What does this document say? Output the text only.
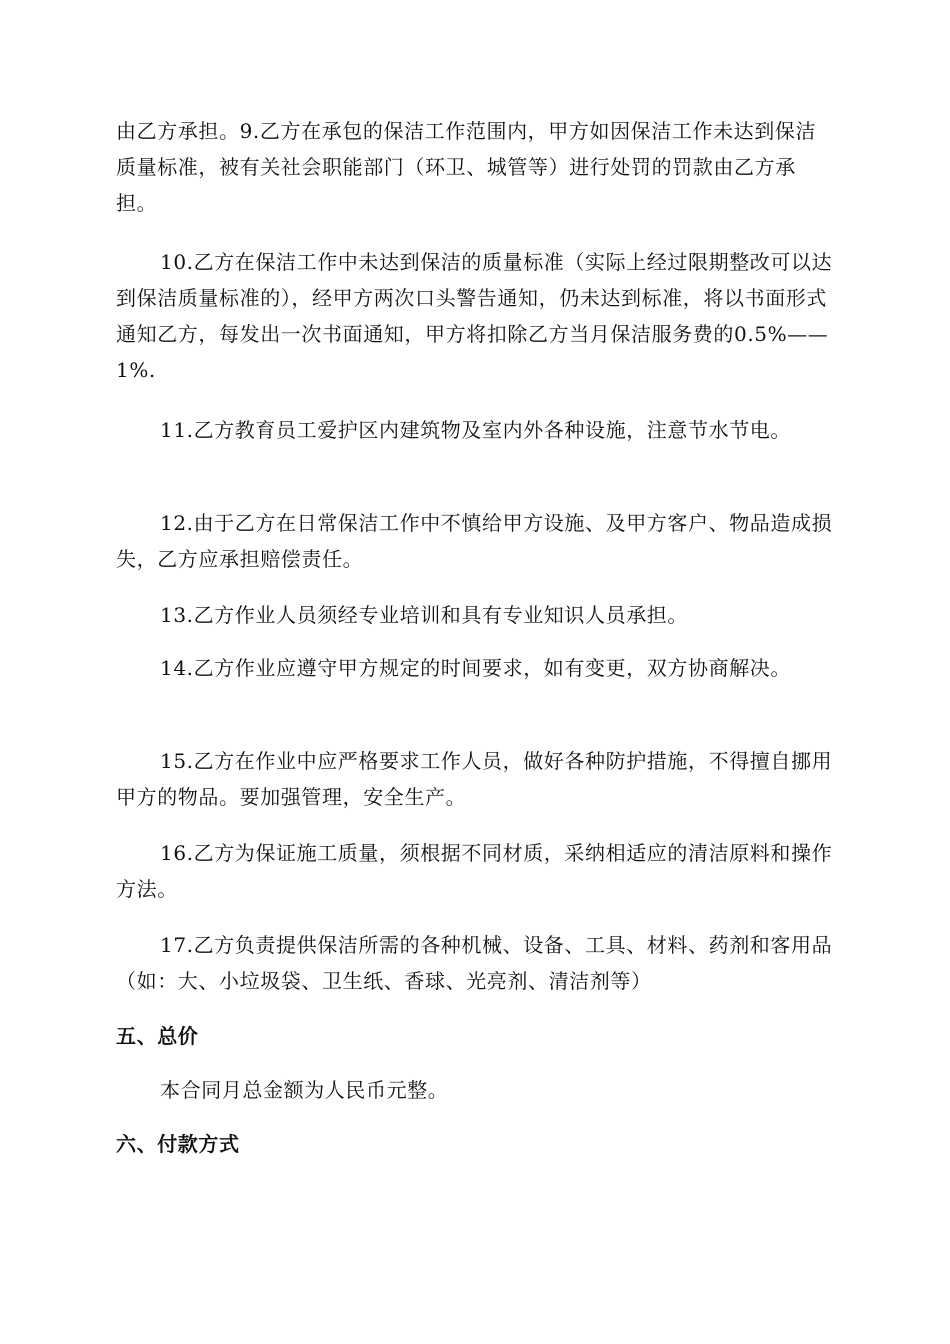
由乙方承担。9.乙方在承包的保洁工作范围内，甲方如因保洁工作未达到保洁质量标准，被有关社会职能部门（环卫、城管等）进行处罚的罚款由乙方承担。
10.乙方在保洁工作中未达到保洁的质量标准（实际上经过限期整改可以达到保洁质量标准的），经甲方两次口头警告通知，仍未达到标准，将以书面形式通知乙方，每发出一次书面通知，甲方将扣除乙方当月保洁服务费的0.5%——1%.
11.乙方教育员工爱护区内建筑物及室内外各种设施，注意节水节电。
12.由于乙方在日常保洁工作中不慎给甲方设施、及甲方客户、物品造成损失，乙方应承担赔偿责任。
13.乙方作业人员须经专业培训和具有专业知识人员承担。
14.乙方作业应遵守甲方规定的时间要求，如有变更，双方协商解决。
15.乙方在作业中应严格要求工作人员，做好各种防护措施，不得擅自挪用甲方的物品。要加强管理，安全生产。
16.乙方为保证施工质量，须根据不同材质，采纳相适应的清洁原料和操作方法。
17.乙方负责提供保洁所需的各种机械、设备、工具、材料、药剂和客用品（如：大、小垃圾袋、卫生纸、香球、光亮剂、清洁剂等）
五、总价
本合同月总金额为人民币元整。
六、付款方式
